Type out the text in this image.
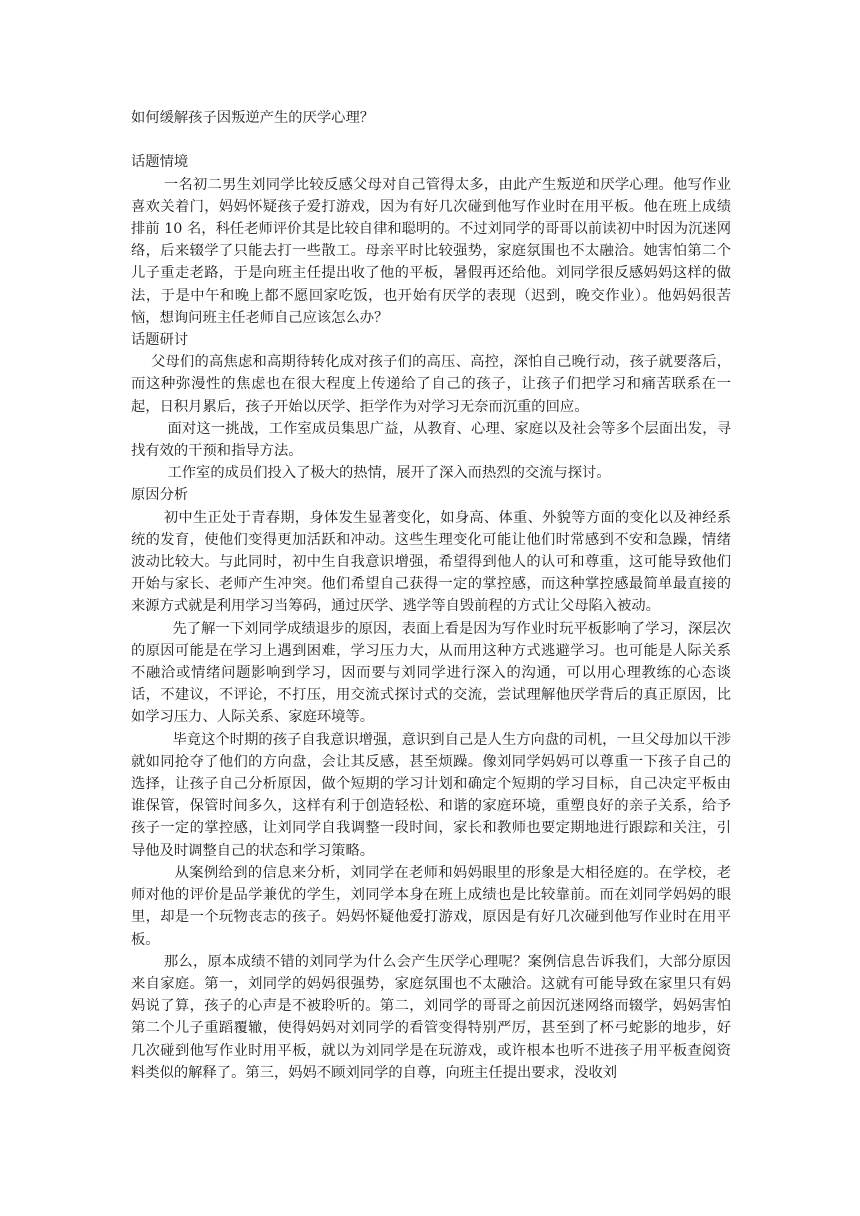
如何缓解孩子因叛逆产生的厌学心理？

话题情境

一名初二男生刘同学比较反感父母对自己管得太多，由此产生叛逆和厌学心理。他写作业喜欢关着门，妈妈怀疑孩子爱打游戏，因为有好几次碰到他写作业时在用平板。他在班上成绩排前 10 名，科任老师评价其是比较自律和聪明的。不过刘同学的哥哥以前读初中时因为沉迷网络，后来辍学了只能去打一些散工。母亲平时比较强势，家庭氛围也不太融洽。她害怕第二个儿子重走老路，于是向班主任提出收了他的平板，暑假再还给他。刘同学很反感妈妈这样的做法，于是中午和晚上都不愿回家吃饭，也开始有厌学的表现（迟到，晚交作业）。他妈妈很苦恼，想询问班主任老师自己应该怎么办？

话题研讨

父母们的高焦虑和高期待转化成对孩子们的高压、高控，深怕自己晚行动，孩子就要落后，而这种弥漫性的焦虑也在很大程度上传递给了自己的孩子，让孩子们把学习和痛苦联系在一起，日积月累后，孩子开始以厌学、拒学作为对学习无奈而沉重的回应。

面对这一挑战，工作室成员集思广益，从教育、心理、家庭以及社会等多个层面出发，寻找有效的干预和指导方法。

工作室的成员们投入了极大的热情，展开了深入而热烈的交流与探讨。

原因分析

初中生正处于青春期，身体发生显著变化，如身高、体重、外貌等方面的变化以及神经系统的发育，使他们变得更加活跃和冲动。这些生理变化可能让他们时常感到不安和急躁，情绪波动比较大。与此同时，初中生自我意识增强，希望得到他人的认可和尊重，这可能导致他们开始与家长、老师产生冲突。他们希望自己获得一定的掌控感，而这种掌控感最简单最直接的来源方式就是利用学习当筹码，通过厌学、逃学等自毁前程的方式让父母陷入被动。

先了解一下刘同学成绩退步的原因，表面上看是因为写作业时玩平板影响了学习，深层次的原因可能是在学习上遇到困难，学习压力大，从而用这种方式逃避学习。也可能是人际关系不融洽或情绪问题影响到学习，因而要与刘同学进行深入的沟通，可以用心理教练的心态谈话，不建议，不评论，不打压，用交流式探讨式的交流，尝试理解他厌学背后的真正原因，比如学习压力、人际关系、家庭环境等。

毕竟这个时期的孩子自我意识增强，意识到自己是人生方向盘的司机，一旦父母加以干涉就如同抢夺了他们的方向盘，会让其反感，甚至烦躁。像刘同学妈妈可以尊重一下孩子自己的选择，让孩子自己分析原因，做个短期的学习计划和确定个短期的学习目标，自己决定平板由谁保管，保管时间多久，这样有利于创造轻松、和谐的家庭环境，重塑良好的亲子关系，给予孩子一定的掌控感，让刘同学自我调整一段时间，家长和教师也要定期地进行跟踪和关注，引导他及时调整自己的状态和学习策略。

从案例给到的信息来分析，刘同学在老师和妈妈眼里的形象是大相径庭的。在学校，老师对他的评价是品学兼优的学生，刘同学本身在班上成绩也是比较靠前。而在刘同学妈妈的眼里，却是一个玩物丧志的孩子。妈妈怀疑他爱打游戏，原因是有好几次碰到他写作业时在用平板。

那么，原本成绩不错的刘同学为什么会产生厌学心理呢？案例信息告诉我们，大部分原因来自家庭。第一，刘同学的妈妈很强势，家庭氛围也不太融洽。这就有可能导致在家里只有妈妈说了算，孩子的心声是不被聆听的。第二，刘同学的哥哥之前因沉迷网络而辍学，妈妈害怕第二个儿子重蹈覆辙，使得妈妈对刘同学的看管变得特别严厉，甚至到了杯弓蛇影的地步，好几次碰到他写作业时用平板，就以为刘同学是在玩游戏，或许根本也听不进孩子用平板查阅资料类似的解释了。第三，妈妈不顾刘同学的自尊，向班主任提出要求，没收刘
